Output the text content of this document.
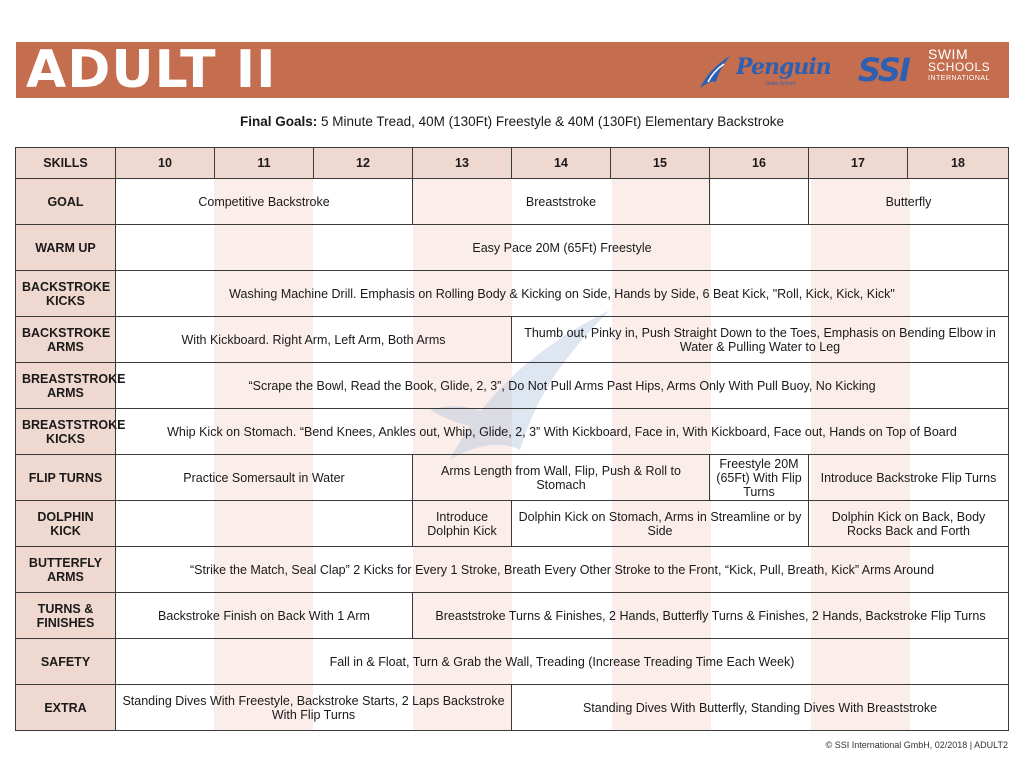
ADULT II	Penguin
Swim School SSI	SWIM
SCHOOLS
INTERNATIONAL
Final Goals: 5 Minute Tread, 40M (130Ft) Freestyle & 40M (130Ft) Elementary Backstroke
SKILLS	10	11	12	13	14	15	16	17	18
GOAL	Competitive Backstroke			Breaststroke				Butterfly	
WARM UP	Easy Pace 20M (65Ft) Freestyle								
BACKSTROKE KICKS	Washing Machine Drill. Emphasis on Rolling Body & Kicking on Side, Hands by Side, 6 Beat Kick, "Roll, Kick, Kick, Kick"								
BACKSTROKE ARMS	With Kickboard. Right Arm, Left Arm, Both Arms				Thumb out, Pinky in, Push Straight Down to the Toes, Emphasis on Bending Elbow in Water & Pulling Water to Leg				
BREASTSTROKE ARMS	“Scrape the Bowl, Read the Book, Glide, 2, 3”, Do Not Pull Arms Past Hips, Arms Only With Pull Buoy, No Kicking								
BREASTSTROKE KICKS	Whip Kick on Stomach. “Bend Knees, Ankles out, Whip, Glide, 2, 3” With Kickboard, Face in, With Kickboard, Face out, Hands on Top of Board								
FLIP TURNS	Practice Somersault in Water			Arms Length from Wall, Flip, Push & Roll to Stomach			Freestyle 20M (65Ft) With Flip Turns	Introduce Backstroke Flip Turns	
DOLPHIN KICK				Introduce Dolphin Kick	Dolphin Kick on Stomach, Arms in Streamline or by Side			Dolphin Kick on Back, Body Rocks Back and Forth	
BUTTERFLY ARMS	“Strike the Match, Seal Clap” 2 Kicks for Every 1 Stroke, Breath Every Other Stroke to the Front, “Kick, Pull, Breath, Kick” Arms Around								
TURNS & FINISHES	Backstroke Finish on Back With 1 Arm			Breaststroke Turns & Finishes, 2 Hands, Butterfly Turns & Finishes, 2 Hands, Backstroke Flip Turns					
SAFETY	Fall in & Float, Turn & Grab the Wall, Treading (Increase Treading Time Each Week)								
EXTRA	Standing Dives With Freestyle, Backstroke Starts, 2 Laps Backstroke With Flip Turns				Standing Dives With Butterfly, Standing Dives With Breaststroke				
© SSI International GmbH, 02/2018 | ADULT2
